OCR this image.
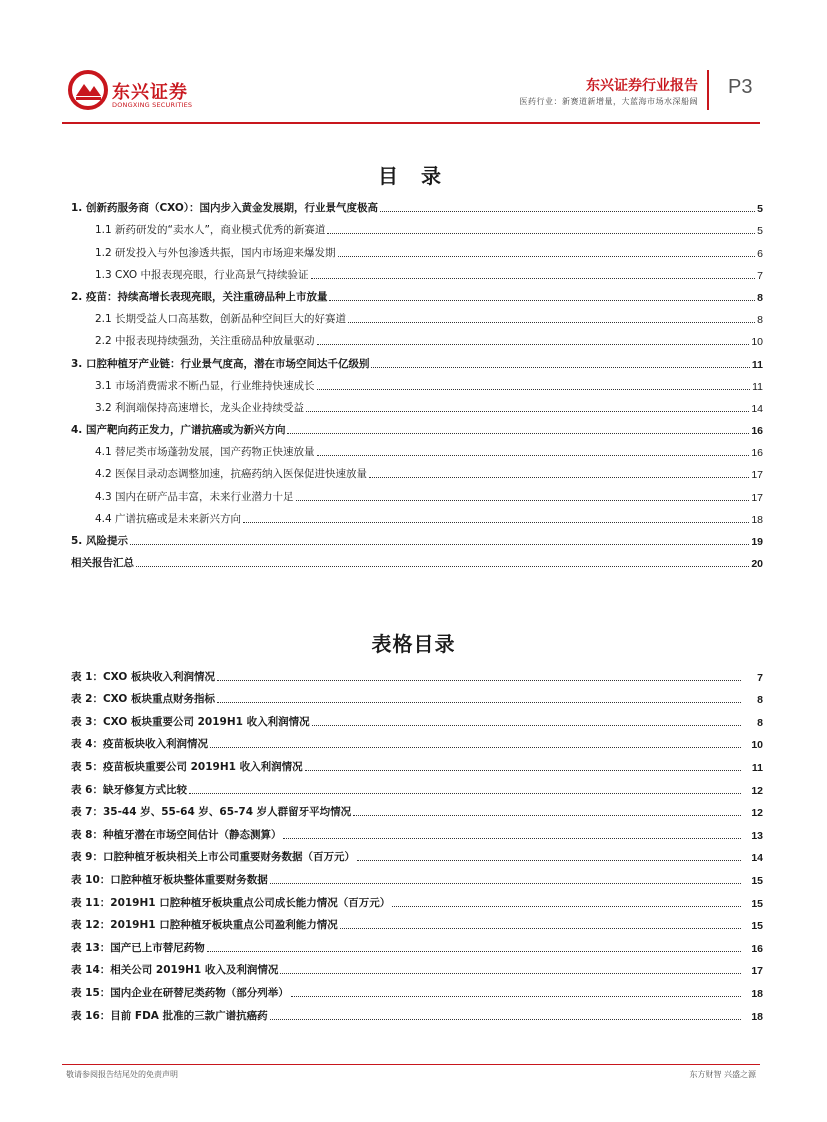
东兴证券
DONGXING SECURITIES
东兴证券行业报告
医药行业：新赛道新增量，大蓝海市场水深船阔
P3
目 录
1. 创新药服务商（CXO）：国内步入黄金发展期，行业景气度极高	5
1.1 新药研发的“卖水人”，商业模式优秀的新赛道	5
1.2 研发投入与外包渗透共振，国内市场迎来爆发期	6
1.3 CXO 中报表现亮眼，行业高景气持续验证	7
2. 疫苗：持续高增长表现亮眼，关注重磅品种上市放量	8
2.1 长期受益人口高基数，创新品种空间巨大的好赛道	8
2.2 中报表现持续强劲，关注重磅品种放量驱动	10
3. 口腔种植牙产业链：行业景气度高，潜在市场空间达千亿级别	11
3.1 市场消费需求不断凸显，行业维持快速成长	11
3.2 利润端保持高速增长，龙头企业持续受益	14
4. 国产靶向药正发力，广谱抗癌或为新兴方向	16
4.1 替尼类市场蓬勃发展，国产药物正快速放量	16
4.2 医保目录动态调整加速，抗癌药纳入医保促进快速放量	17
4.3 国内在研产品丰富，未来行业潜力十足	17
4.4 广谱抗癌或是未来新兴方向	18
5. 风险提示	19
相关报告汇总	20
表格目录
表 1：CXO 板块收入利润情况	7
表 2：CXO 板块重点财务指标	8
表 3：CXO 板块重要公司 2019H1 收入利润情况	8
表 4：疫苗板块收入利润情况	10
表 5：疫苗板块重要公司 2019H1 收入利润情况	11
表 6：缺牙修复方式比较	12
表 7：35-44 岁、55-64 岁、65-74 岁人群留牙平均情况	12
表 8：种植牙潜在市场空间估计（静态测算）	13
表 9：口腔种植牙板块相关上市公司重要财务数据（百万元）	14
表 10：口腔种植牙板块整体重要财务数据	15
表 11：2019H1 口腔种植牙板块重点公司成长能力情况（百万元）	15
表 12：2019H1 口腔种植牙板块重点公司盈利能力情况	15
表 13：国产已上市替尼药物	16
表 14：相关公司 2019H1 收入及利润情况	17
表 15：国内企业在研替尼类药物（部分列举）	18
表 16：目前 FDA 批准的三款广谱抗癌药	18
敬请参阅报告结尾处的免责声明	东方财智 兴盛之源
